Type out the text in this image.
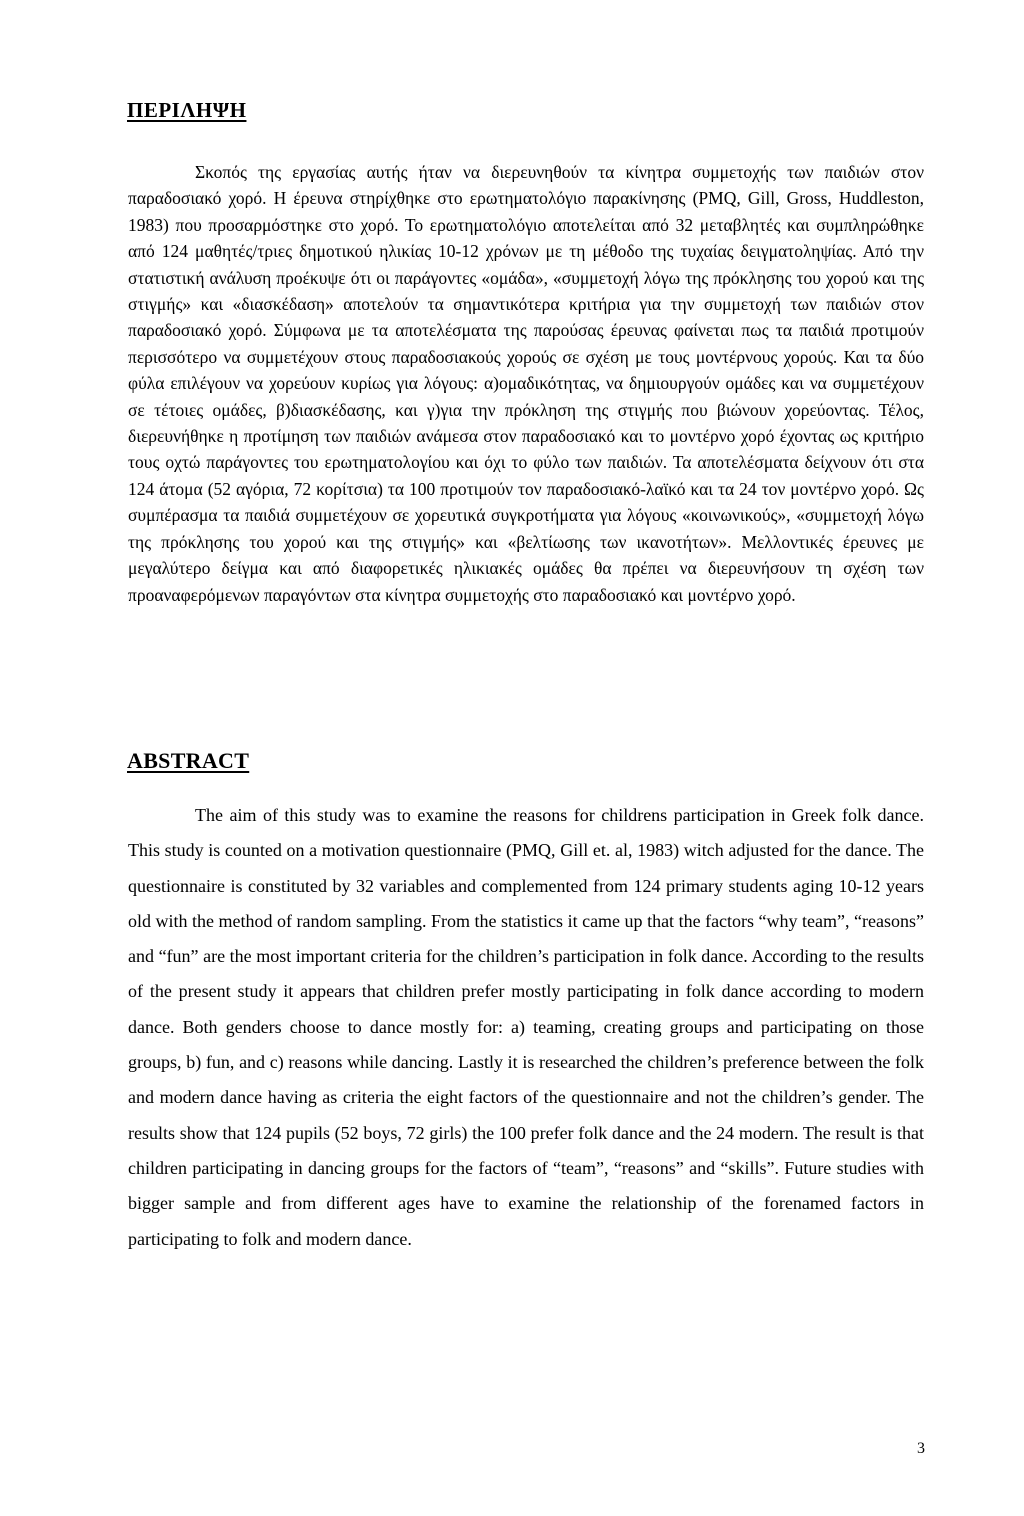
ΠΕΡΙΛΗΨΗ

Σκοπός της εργασίας αυτής ήταν να διερευνηθούν τα κίνητρα συμμετοχής των παιδιών στον παραδοσιακό χορό. Η έρευνα στηρίχθηκε στο ερωτηματολόγιο παρακίνησης (PMQ, Gill, Gross, Huddleston, 1983) που προσαρμόστηκε στο χορό. Το ερωτηματολόγιο αποτελείται από 32 μεταβλητές και συμπληρώθηκε από 124 μαθητές/τριες δημοτικού ηλικίας 10-12 χρόνων με τη μέθοδο της τυχαίας δειγματοληψίας. Από την στατιστική ανάλυση προέκυψε ότι οι παράγοντες «ομάδα», «συμμετοχή λόγω της πρόκλησης του χορού και της στιγμής» και «διασκέδαση» αποτελούν τα σημαντικότερα κριτήρια για την συμμετοχή των παιδιών στον παραδοσιακό χορό. Σύμφωνα με τα αποτελέσματα της παρούσας έρευνας φαίνεται πως τα παιδιά προτιμούν περισσότερο να συμμετέχουν στους παραδοσιακούς χορούς σε σχέση με τους μοντέρνους χορούς. Και τα δύο φύλα επιλέγουν να χορεύουν κυρίως για λόγους: α)ομαδικότητας, να δημιουργούν ομάδες και να συμμετέχουν σε τέτοιες ομάδες, β)διασκέδασης, και γ)για την πρόκληση της στιγμής που βιώνουν χορεύοντας. Τέλος, διερευνήθηκε η προτίμηση των παιδιών ανάμεσα στον παραδοσιακό και το μοντέρνο χορό έχοντας ως κριτήριο τους οχτώ παράγοντες του ερωτηματολογίου και όχι το φύλο των παιδιών. Τα αποτελέσματα δείχνουν ότι στα 124 άτομα (52 αγόρια, 72 κορίτσια) τα 100 προτιμούν τον παραδοσιακό-λαϊκό και τα 24 τον μοντέρνο χορό. Ως συμπέρασμα τα παιδιά συμμετέχουν σε χορευτικά συγκροτήματα για λόγους «κοινωνικούς», «συμμετοχή λόγω της πρόκλησης του χορού και της στιγμής» και «βελτίωσης των ικανοτήτων». Μελλοντικές έρευνες με μεγαλύτερο δείγμα και από διαφορετικές ηλικιακές ομάδες θα πρέπει να διερευνήσουν τη σχέση των προαναφερόμενων παραγόντων στα κίνητρα συμμετοχής στο παραδοσιακό και μοντέρνο χορό.

ABSTRACT

The aim of this study was to examine the reasons for childrens participation in Greek folk dance. This study is counted on a motivation questionnaire (PMQ, Gill et. al, 1983) witch adjusted for the dance. The questionnaire is constituted by 32 variables and complemented from 124 primary students aging 10-12 years old with the method of random sampling. From the statistics it came up that the factors “why team”, “reasons” and “fun” are the most important criteria for the children’s participation in folk dance. According to the results of the present study it appears that children prefer mostly participating in folk dance according to modern dance. Both genders choose to dance mostly for: a) teaming, creating groups and participating on those groups, b) fun, and c) reasons while dancing. Lastly it is researched the children’s preference between the folk and modern dance having as criteria the eight factors of the questionnaire and not the children’s gender. The results show that 124 pupils (52 boys, 72 girls) the 100 prefer folk dance and the 24 modern. The result is that children participating in dancing groups for the factors of “team”, “reasons” and “skills”. Future studies with bigger sample and from different ages have to examine the relationship of the forenamed factors in participating to folk and modern dance.

3
